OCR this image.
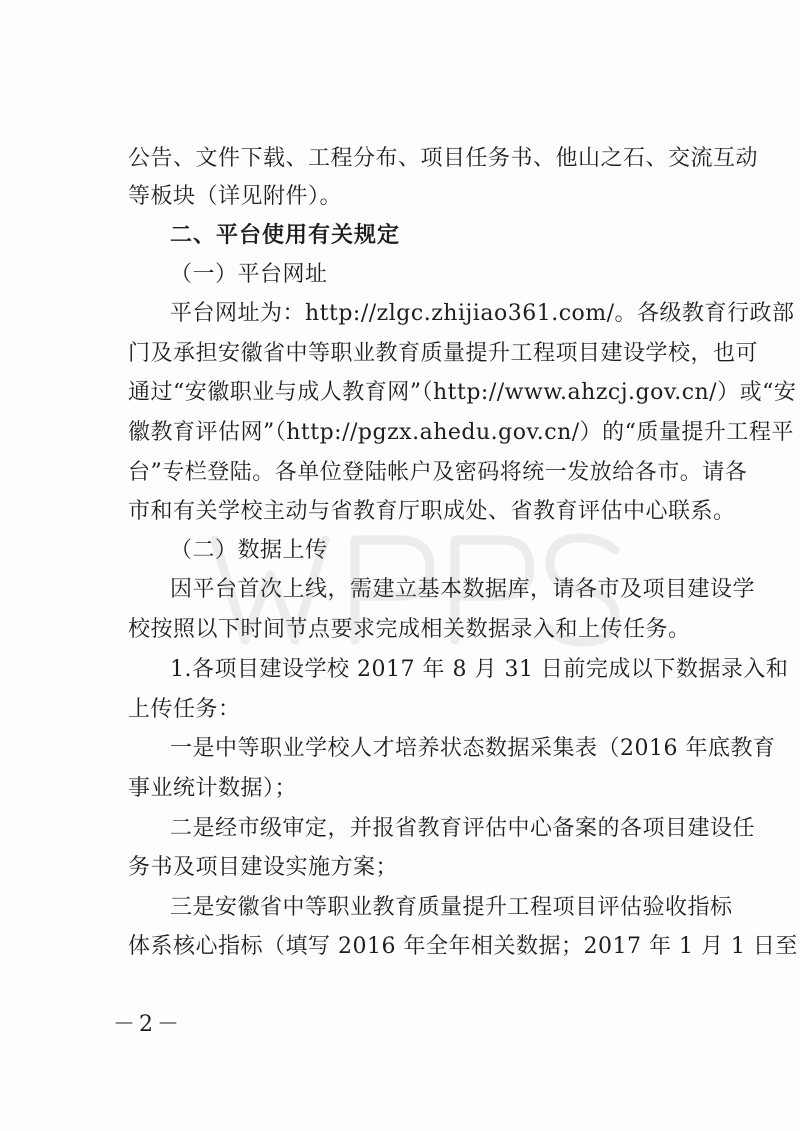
公告、文件下载、工程分布、项目任务书、他山之石、交流互动
等板块（详见附件）。
二、平台使用有关规定
（一）平台网址
平台网址为：http://zlgc.zhijiao361.com/。各级教育行政部
门及承担安徽省中等职业教育质量提升工程项目建设学校，也可
通过“安徽职业与成人教育网”（http://www.ahzcj.gov.cn/）或“安
徽教育评估网”（http://pgzx.ahedu.gov.cn/）的“质量提升工程平
台”专栏登陆。各单位登陆帐户及密码将统一发放给各市。请各
市和有关学校主动与省教育厅职成处、省教育评估中心联系。
（二）数据上传
因平台首次上线，需建立基本数据库，请各市及项目建设学
校按照以下时间节点要求完成相关数据录入和上传任务。
1.各项目建设学校 2017 年 8 月 31 日前完成以下数据录入和
上传任务：
一是中等职业学校人才培养状态数据采集表（2016 年底教育
事业统计数据）；
二是经市级审定，并报省教育评估中心备案的各项目建设任
务书及项目建设实施方案；
三是安徽省中等职业教育质量提升工程项目评估验收指标
体系核心指标（填写 2016 年全年相关数据；2017 年 1 月 1 日至
－2－
